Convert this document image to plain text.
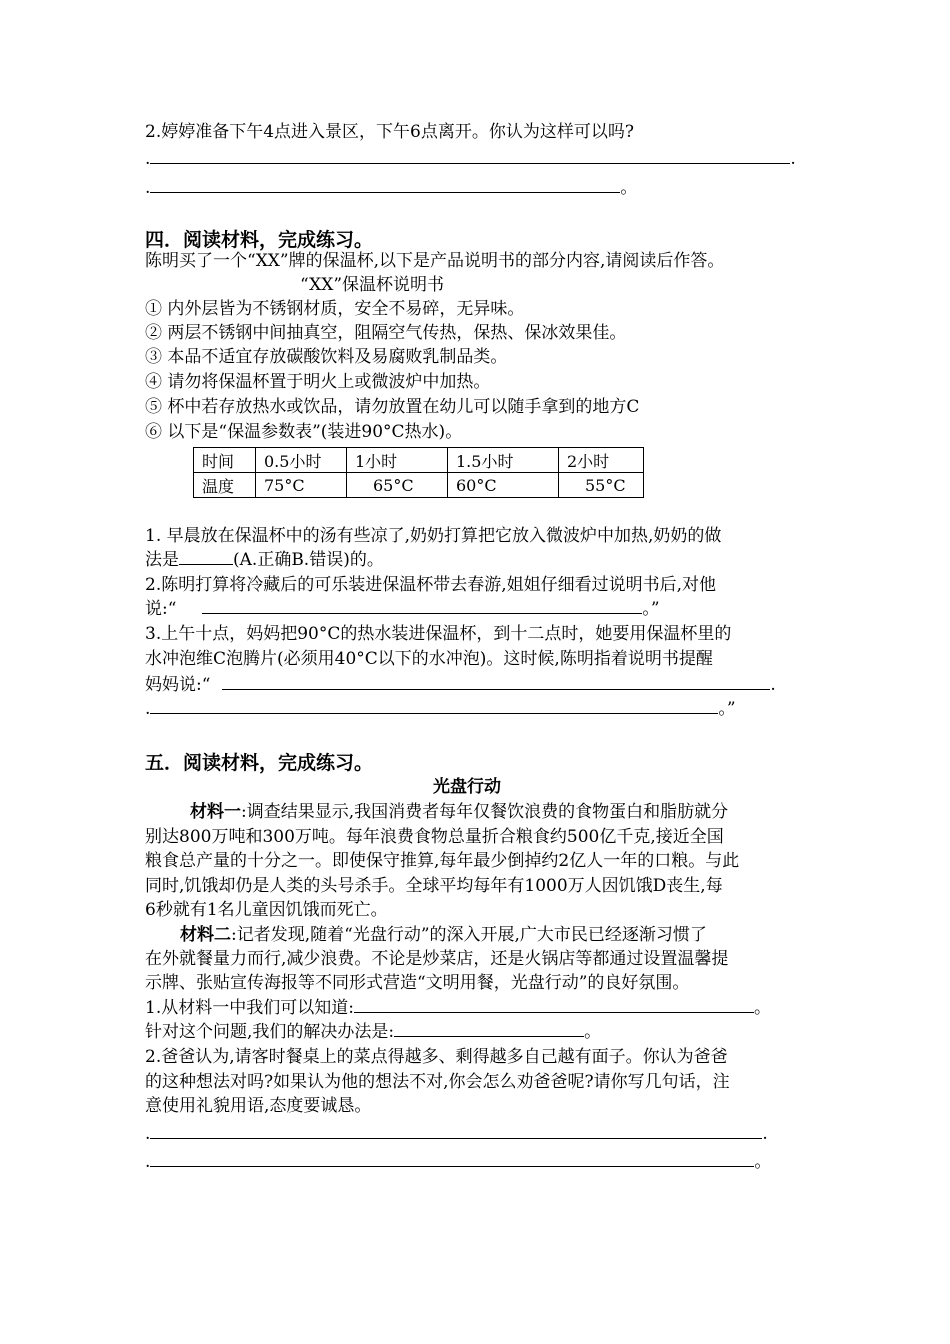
2.婷婷准备下午4点进入景区，下午6点离开。你认为这样可以吗?
.	.
.	。
四．阅读材料，完成练习。
陈明买了一个“XX”牌的保温杯,以下是产品说明书的部分内容,请阅读后作答。
“XX”保温杯说明书
① 内外层皆为不锈钢材质，安全不易碎，无异味。
② 两层不锈钢中间抽真空，阻隔空气传热，保热、保冰效果佳。
③ 本品不适宜存放碳酸饮料及易腐败乳制品类。
④ 请勿将保温杯置于明火上或微波炉中加热。
⑤ 杯中若存放热水或饮品，请勿放置在幼儿可以随手拿到的地方C
⑥ 以下是“保温参数表”(装进90°C热水)。
时间	0.5小时	1小时	1.5小时	2小时
温度	75°C	65°C	60°C	55°C
1. 早晨放在保温杯中的汤有些凉了,奶奶打算把它放入微波炉中加热,奶奶的做
法是	(A.正确B.错误)的。
2.陈明打算将冷藏后的可乐装进保温杯带去春游,姐姐仔细看过说明书后,对他
说:“	。”
3.上午十点，妈妈把90°C的热水装进保温杯，到十二点时，她要用保温杯里的
水冲泡维C泡腾片(必须用40°C以下的水冲泡)。这时候,陈明指着说明书提醒
妈妈说:“	.
.	。”
五．阅读材料，完成练习。
光盘行动
材料一:调查结果显示,我国消费者每年仅餐饮浪费的食物蛋白和脂肪就分
别达800万吨和300万吨。每年浪费食物总量折合粮食约500亿千克,接近全国
粮食总产量的十分之一。即使保守推算,每年最少倒掉约2亿人一年的口粮。与此
同时,饥饿却仍是人类的头号杀手。全球平均每年有1000万人因饥饿D丧生,每
6秒就有1名儿童因饥饿而死亡。
材料二:记者发现,随着“光盘行动”的深入开展,广大市民已经逐渐习惯了
在外就餐量力而行,减少浪费。不论是炒菜店，还是火锅店等都通过设置温馨提
示牌、张贴宣传海报等不同形式营造“文明用餐，光盘行动”的良好氛围。
1.从材料一中我们可以知道:	。
针对这个问题,我们的解决办法是:	。
2.爸爸认为,请客时餐桌上的菜点得越多、剩得越多自己越有面子。你认为爸爸
的这种想法对吗?如果认为他的想法不对,你会怎么劝爸爸呢?请你写几句话，注
意使用礼貌用语,态度要诚恳。
.	.
.	。
